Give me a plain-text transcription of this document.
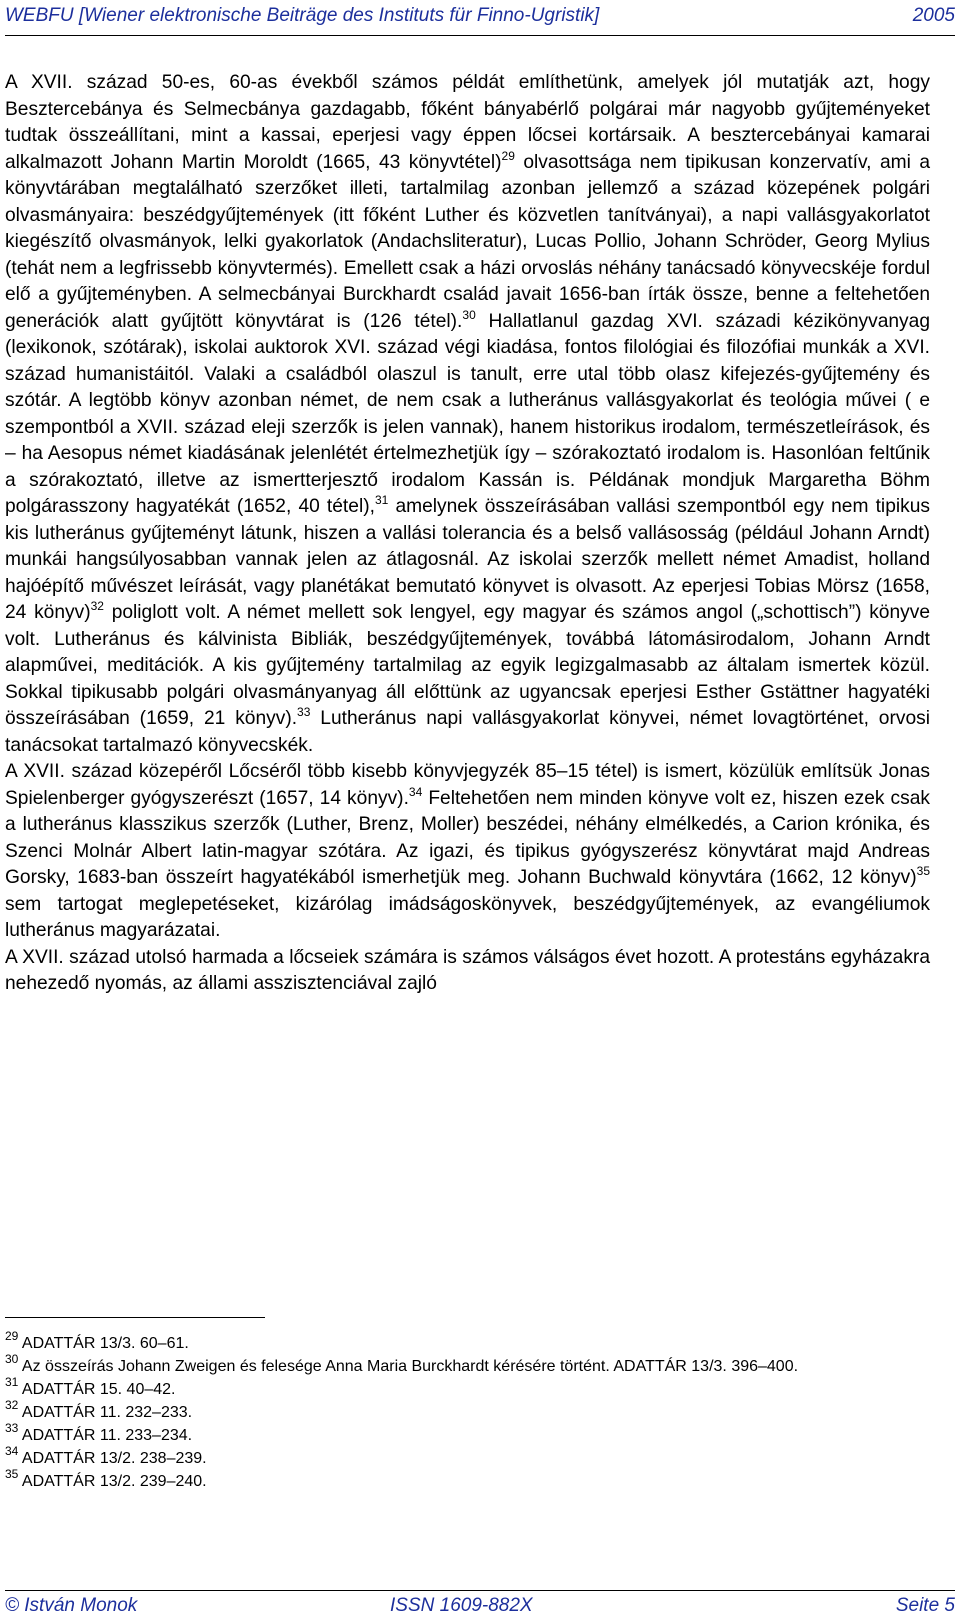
WEBFU [Wiener elektronische Beiträge des Instituts für Finno-Ugristik]	2005

A XVII. század 50-es, 60-as évekből számos példát említhetünk, amelyek jól mutatják azt, hogy Besztercebánya és Selmecbánya gazdagabb, főként bányabérlő polgárai már nagyobb gyűjteményeket tudtak összeállítani, mint a kassai, eperjesi vagy éppen lőcsei kortársaik. A besztercebányai kamarai alkalmazott Johann Martin Moroldt (1665, 43 könyvtétel)$^{29}$ olvasottsága nem tipikusan konzervatív, ami a könyvtárában megtalálható szerzőket illeti, tartalmilag azonban jellemző a század közepének polgári olvasmányaira: beszédgyűjtemények (itt főként Luther és közvetlen tanítványai), a napi vallásgyakorlatot kiegészítő olvasmányok, lelki gyakorlatok (Andachsliteratur), Lucas Pollio, Johann Schröder, Georg Mylius (tehát nem a legfrissebb könyvtermés). Emellett csak a házi orvoslás néhány tanácsadó könyvecskéje fordul elő a gyűjteményben. A selmecbányai Burckhardt család javait 1656-ban írták össze, benne a feltehetően generációk alatt gyűjtött könyvtárat is (126 tétel).$^{30}$ Hallatlanul gazdag XVI. századi kézikönyvanyag (lexikonok, szótárak), iskolai auktorok XVI. század végi kiadása, fontos filológiai és filozófiai munkák a XVI. század humanistáitól. Valaki a családból olaszul is tanult, erre utal több olasz kifejezés-gyűjtemény és szótár. A legtöbb könyv azonban német, de nem csak a lutheránus vallásgyakorlat és teológia művei ( e szempontból a XVII. század eleji szerzők is jelen vannak), hanem historikus irodalom, természetleírások, és – ha Aesopus német kiadásának jelenlétét értelmezhetjük így – szórakoztató irodalom is. Hasonlóan feltűnik a szórakoztató, illetve az ismertterjesztő irodalom Kassán is. Példának mondjuk Margaretha Böhm polgárasszony hagyatékát (1652, 40 tétel),$^{31}$ amelynek összeírásában vallási szempontból egy nem tipikus kis lutheránus gyűjteményt látunk, hiszen a vallási tolerancia és a belső vallásosság (például Johann Arndt) munkái hangsúlyosabban vannak jelen az átlagosnál. Az iskolai szerzők mellett német Amadist, holland hajóépítő művészet leírását, vagy planétákat bemutató könyvet is olvasott. Az eperjesi Tobias Mörsz (1658, 24 könyv)$^{32}$ poliglott volt. A német mellett sok lengyel, egy magyar és számos angol („schottisch”) könyve volt. Lutheránus és kálvinista Bibliák, beszédgyűjtemények, továbbá látomásirodalom, Johann Arndt alapművei, meditációk. A kis gyűjtemény tartalmilag az egyik legizgalmasabb az általam ismertek közül. Sokkal tipikusabb polgári olvasmányanyag áll előttünk az ugyancsak eperjesi Esther Gstättner hagyatéki összeírásában (1659, 21 könyv).$^{33}$ Lutheránus napi vallásgyakorlat könyvei, német lovagtörténet, orvosi tanácsokat tartalmazó könyvecskék.

A XVII. század közepéről Lőcséről több kisebb könyvjegyzék 85–15 tétel) is ismert, közülük említsük Jonas Spielenberger gyógyszerészt (1657, 14 könyv).$^{34}$ Feltehetően nem minden könyve volt ez, hiszen ezek csak a lutheránus klasszikus szerzők (Luther, Brenz, Moller) beszédei, néhány elmélkedés, a Carion krónika, és Szenci Molnár Albert latin-magyar szótára. Az igazi, és tipikus gyógyszerész könyvtárat majd Andreas Gorsky, 1683-ban összeírt hagyatékából ismerhetjük meg. Johann Buchwald könyvtára (1662, 12 könyv)$^{35}$ sem tartogat meglepetéseket, kizárólag imádságoskönyvek, beszédgyűjtemények, az evangéliumok lutheránus magyarázatai.

A XVII. század utolsó harmada a lőcseiek számára is számos válságos évet hozott. A protestáns egyházakra nehezedő nyomás, az állami asszisztenciával zajló

$^{29}$ ADATTÁR 13/3. 60–61.

$^{30}$ Az összeírás Johann Zweigen és felesége Anna Maria Burckhardt kérésére történt. ADATTÁR 13/3. 396–400.

$^{31}$ ADATTÁR 15. 40–42.

$^{32}$ ADATTÁR 11. 232–233.

$^{33}$ ADATTÁR 11. 233–234.

$^{34}$ ADATTÁR 13/2. 238–239.

$^{35}$ ADATTÁR 13/2. 239–240.

© István Monok	ISSN 1609-882X	Seite 5
